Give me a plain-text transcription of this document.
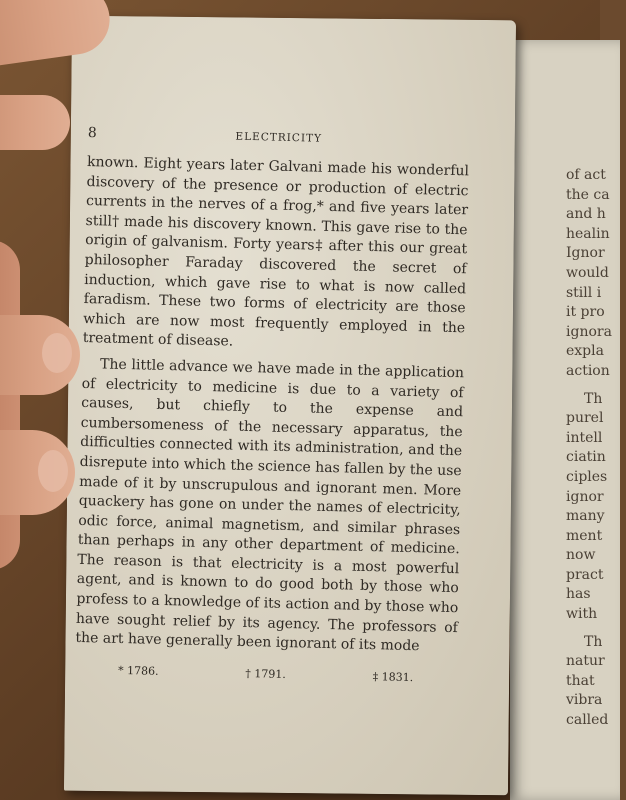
of act
the ca
and h
healin
Ignor
would
still i
it pro
ignora
expla
action
Th
purel
intell
ciatin
ciples
ignor
many
ment
now
pract
has
with
Th
natur
that
vibra
called
8	ELECTRICITY

known. Eight years later Galvani made his wonderful discovery of the presence or production of electric currents in the nerves of a frog,* and five years later still† made his discovery known. This gave rise to the origin of galvanism. Forty years‡ after this our great philosopher Faraday discovered the secret of induction, which gave rise to what is now called faradism. These two forms of electricity are those which are now most frequently employed in the treatment of disease.

The little advance we have made in the application of electricity to medicine is due to a variety of causes, but chiefly to the expense and cumbersomeness of the necessary apparatus, the difficulties connected with its administration, and the disrepute into which the science has fallen by the use made of it by unscrupulous and ignorant men. More quackery has gone on under the names of electricity, odic force, animal magnetism, and similar phrases than perhaps in any other department of medicine. The reason is that electricity is a most powerful agent, and is known to do good both by those who profess to a knowledge of its action and by those who have sought relief by its agency. The professors of the art have generally been ignorant of its mode

* 1786.	† 1791.	‡ 1831.
